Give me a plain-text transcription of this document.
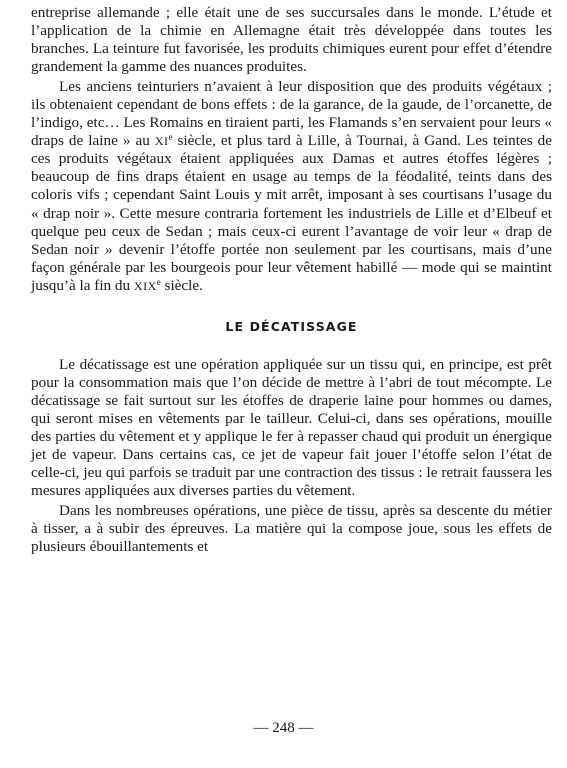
entreprise allemande ; elle était une de ses succursales dans le monde. L’étude et l’application de la chimie en Allemagne était très développée dans toutes les branches. La teinture fut favorisée, les produits chimiques eurent pour effet d’étendre grandement la gamme des nuances produites.

Les anciens teinturiers n’avaient à leur disposition que des produits végétaux ; ils obtenaient cependant de bons effets : de la garance, de la gaude, de l’orcanette, de l’indigo, etc… Les Romains en tiraient parti, les Flamands s’en servaient pour leurs « draps de laine » au XIe siècle, et plus tard à Lille, à Tournai, à Gand. Les teintes de ces produits végétaux étaient appliquées aux Damas et autres étoffes légères ; beaucoup de fins draps étaient en usage au temps de la féodalité, teints dans des coloris vifs ; cependant Saint Louis y mit arrêt, imposant à ses courtisans l’usage du « drap noir ». Cette mesure contraria fortement les industriels de Lille et d’Elbeuf et quelque peu ceux de Sedan ; mais ceux-ci eurent l’avantage de voir leur « drap de Sedan noir » devenir l’étoffe portée non seulement par les courtisans, mais d’une façon générale par les bourgeois pour leur vêtement habillé — mode qui se maintint jusqu’à la fin du XIXe siècle.

LE DÉCATISSAGE

Le décatissage est une opération appliquée sur un tissu qui, en principe, est prêt pour la consommation mais que l’on décide de mettre à l’abri de tout mécompte. Le décatissage se fait surtout sur les étoffes de draperie laine pour hommes ou dames, qui seront mises en vêtements par le tailleur. Celui-ci, dans ses opérations, mouille des parties du vêtement et y applique le fer à repasser chaud qui produit un énergique jet de vapeur. Dans certains cas, ce jet de vapeur fait jouer l’étoffe selon l’état de celle-ci, jeu qui parfois se traduit par une contraction des tissus : le retrait faussera les mesures appliquées aux diverses parties du vêtement.

Dans les nombreuses opérations, une pièce de tissu, après sa descente du métier à tisser, a à subir des épreuves. La matière qui la compose joue, sous les effets de plusieurs ébouillantements et

— 248 —
